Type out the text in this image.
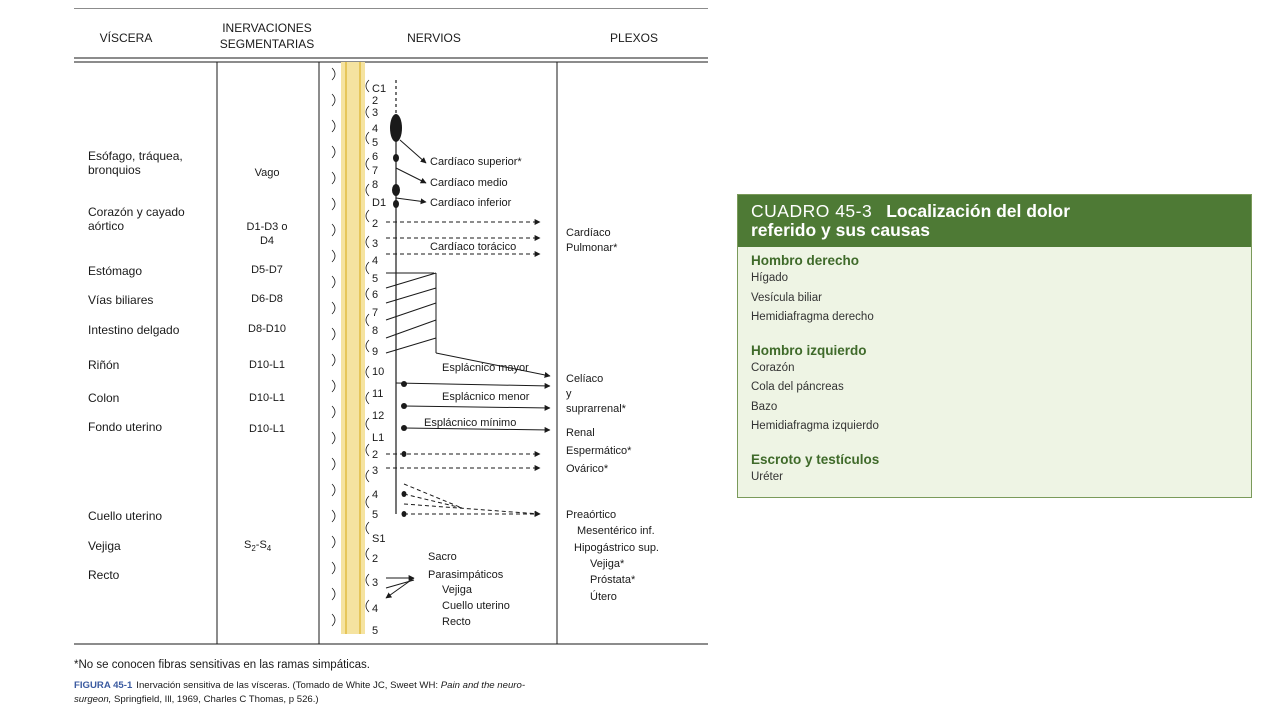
VÍSCERA
INERVACIONES
SEGMENTARIAS	NERVIOS	PLEXOS
Esófago, tráquea,
bronquios
Corazón y cayado
aórtico
Estómago
Vías biliares
Intestino delgado
Riñón
Colon
Fondo uterino
Cuello uterino
Vejiga
Recto
Vago
D1-D3 o
D4
D5-D7
D6-D8
D8-D10
D10-L1
D10-L1
D10-L1
$S_2-S_4$
C1
2
3
4
5
6
7
8
D1
2
3
4
5
6
7
8
9
10
11
12
L1
2
3
4
5
S1
2
3
4
5
Cardíaco superior*
Cardíaco medio
Cardíaco inferior
Cardíaco torácico
Esplácnico mayor
Esplácnico menor
Esplácnico mínimo
Sacro
Parasimpáticos
Vejiga
Cuello uterino
Recto
Cardíaco
Pulmonar*
Celíaco
y
suprarrenal*
Renal
Espermático*
Ovárico*
Preaórtico
Mesentérico inf.
Hipogástrico sup.
Vejiga*
Próstata*
Útero
*No se conocen fibras sensitivas en las ramas simpáticas.
FIGURA 45-1 Inervación sensitiva de las vísceras. (Tomado de White JC, Sweet WH: Pain and the neuro-
surgeon, Springfield, Ill, 1969, Charles C Thomas, p 526.)
CUADRO 45-3 Localización del dolor
referido y sus causas

Hombro derecho

Hígado

Vesícula biliar

Hemidiafragma derecho

Hombro izquierdo

Corazón

Cola del páncreas

Bazo

Hemidiafragma izquierdo

Escroto y testículos

Uréter
